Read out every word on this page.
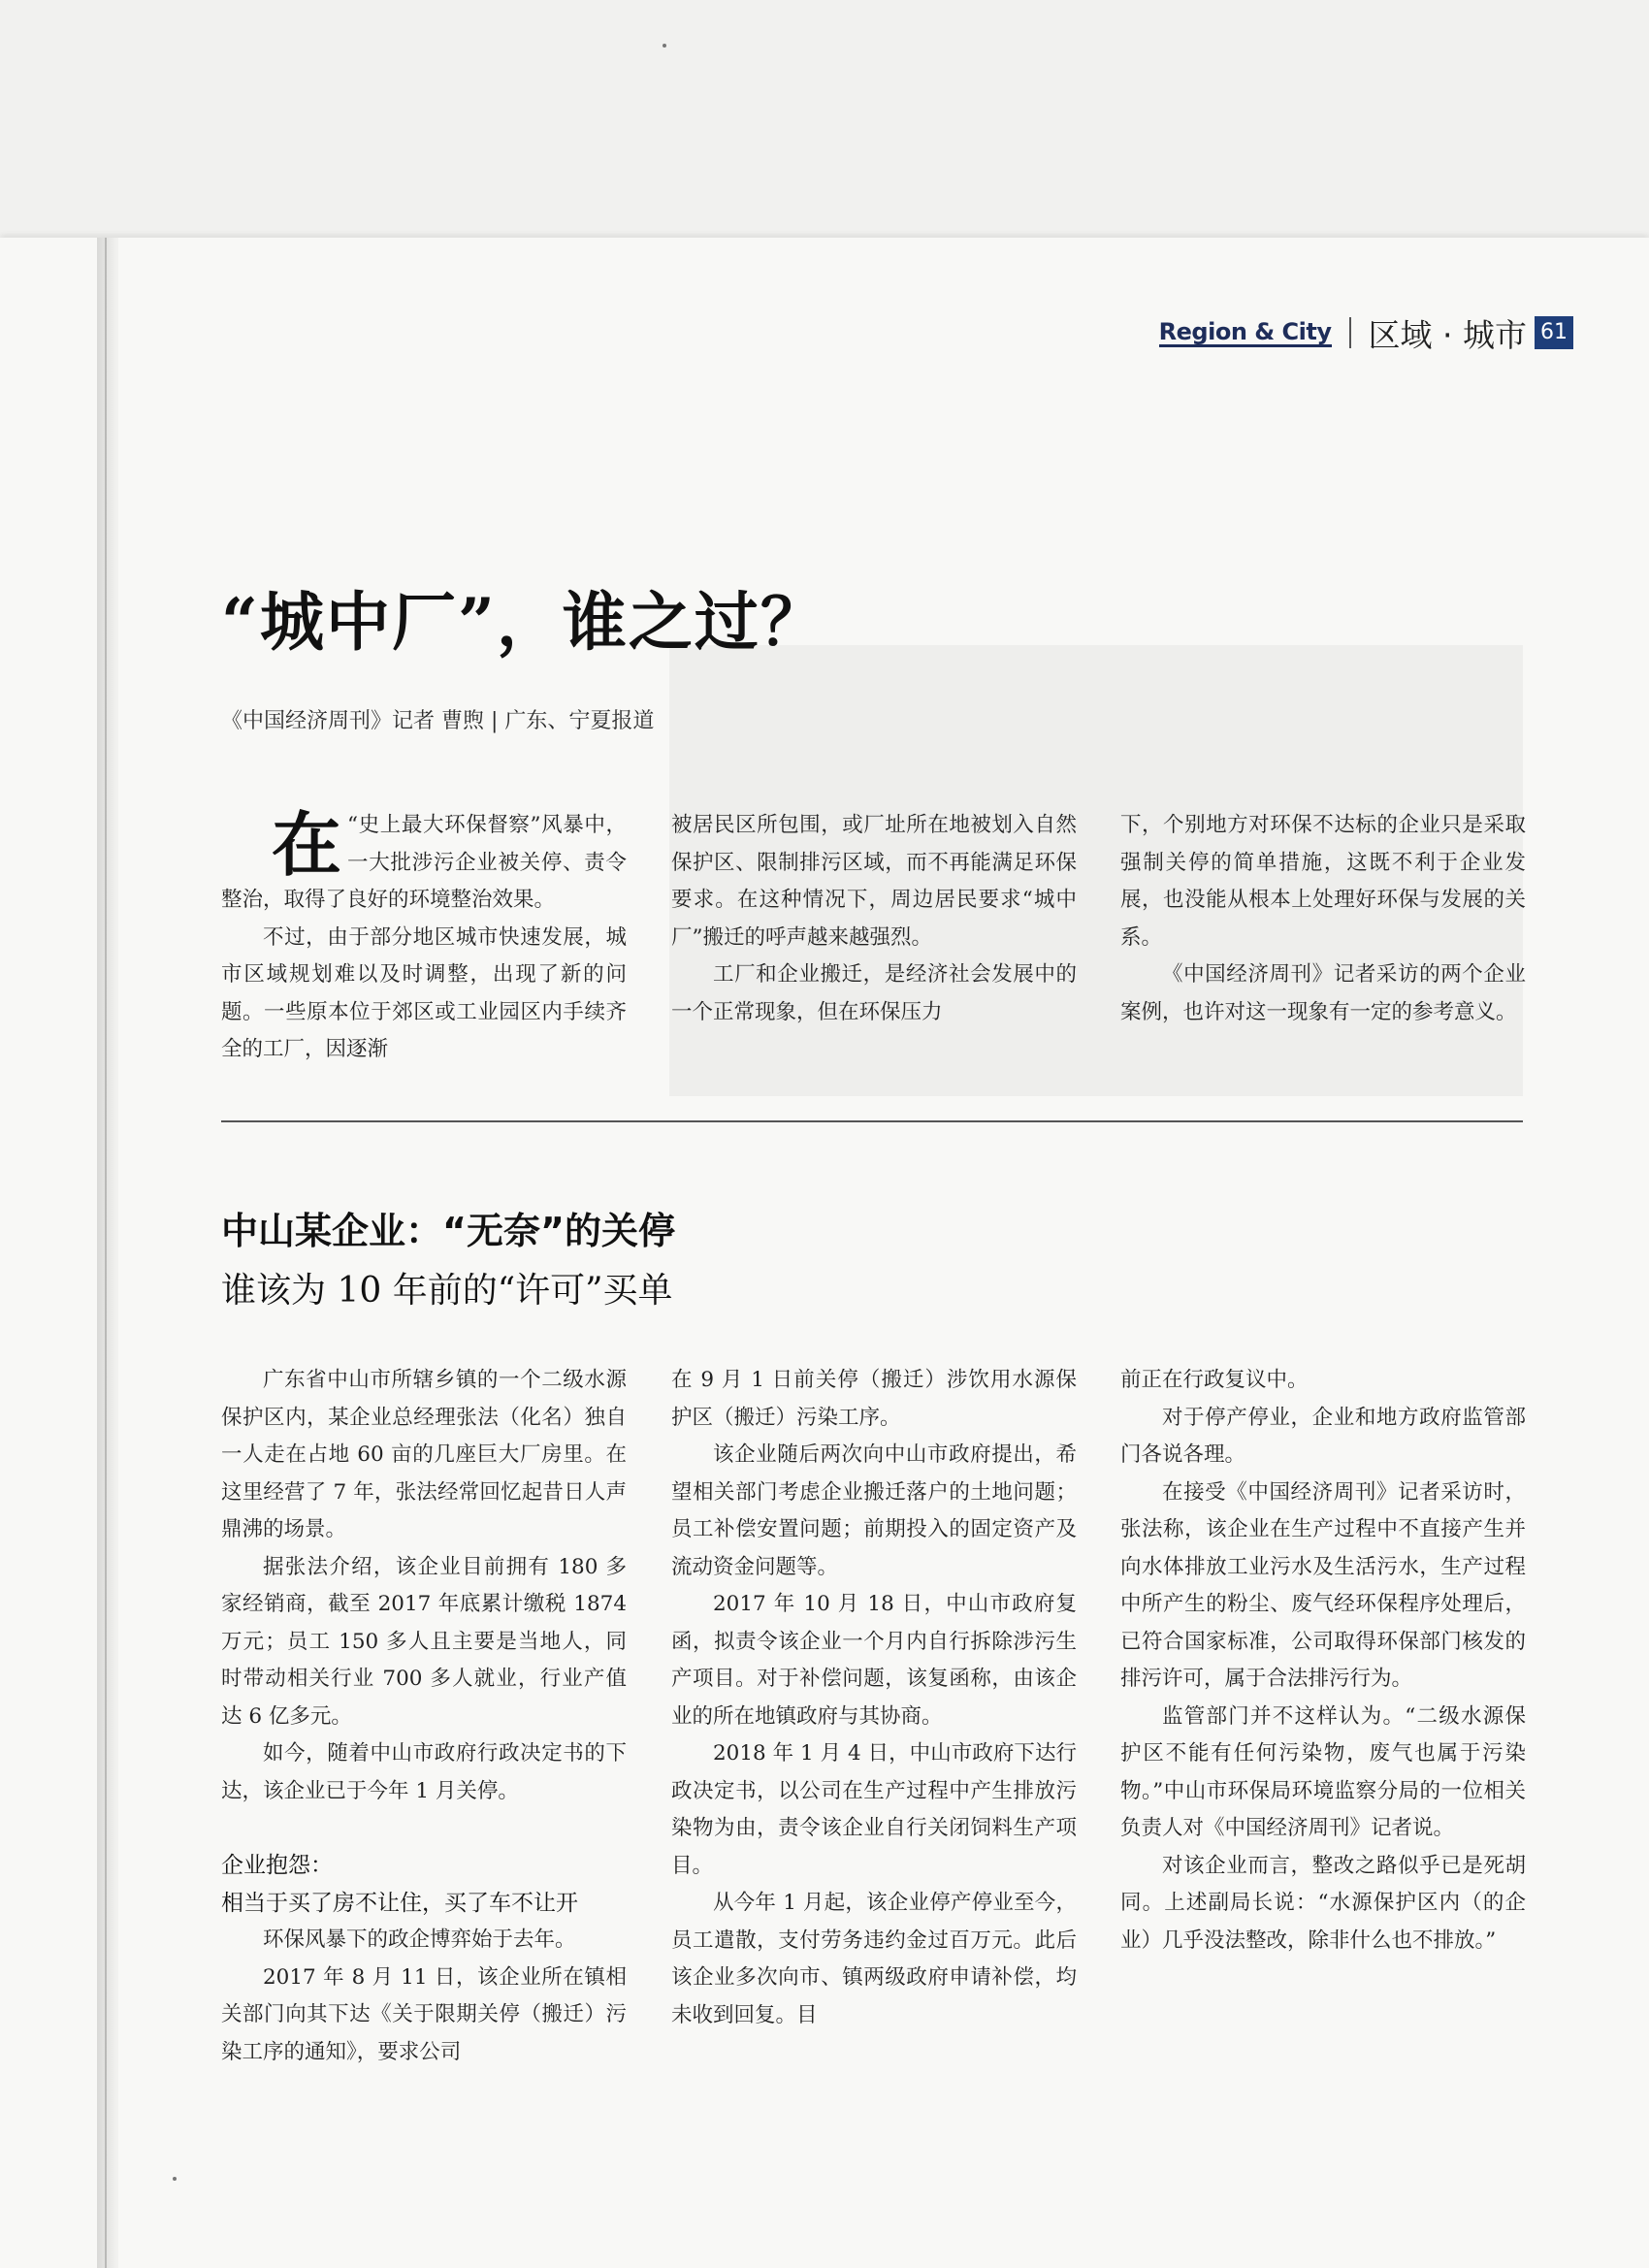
Region & City 区域 · 城市 61
“城中厂”，谁之过？
《中国经济周刊》记者 曹煦 | 广东、宁夏报道

在 “史上最大环保督察”风暴中，一大批涉污企业被关停、责令整治，取得了良好的环境整治效果。

不过，由于部分地区城市快速发展，城市区域规划难以及时调整，出现了新的问题。一些原本位于郊区或工业园区内手续齐全的工厂，因逐渐

被居民区所包围，或厂址所在地被划入自然保护区、限制排污区域，而不再能满足环保要求。在这种情况下，周边居民要求“城中厂”搬迁的呼声越来越强烈。

工厂和企业搬迁，是经济社会发展中的一个正常现象，但在环保压力

下，个别地方对环保不达标的企业只是采取强制关停的简单措施，这既不利于企业发展，也没能从根本上处理好环保与发展的关系。

《中国经济周刊》记者采访的两个企业案例，也许对这一现象有一定的参考意义。

中山某企业：“无奈”的关停
谁该为 10 年前的“许可”买单

广东省中山市所辖乡镇的一个二级水源保护区内，某企业总经理张法（化名）独自一人走在占地 60 亩的几座巨大厂房里。在这里经营了 7 年，张法经常回忆起昔日人声鼎沸的场景。

据张法介绍，该企业目前拥有 180 多家经销商，截至 2017 年底累计缴税 1874 万元；员工 150 多人且主要是当地人，同时带动相关行业 700 多人就业，行业产值达 6 亿多元。

如今，随着中山市政府行政决定书的下达，该企业已于今年 1 月关停。

企业抱怨：

相当于买了房不让住，买了车不让开

环保风暴下的政企博弈始于去年。

2017 年 8 月 11 日，该企业所在镇相关部门向其下达《关于限期关停（搬迁）污染工序的通知》，要求公司

在 9 月 1 日前关停（搬迁）涉饮用水源保护区（搬迁）污染工序。

该企业随后两次向中山市政府提出，希望相关部门考虑企业搬迁落户的土地问题；员工补偿安置问题；前期投入的固定资产及流动资金问题等。

2017 年 10 月 18 日，中山市政府复函，拟责令该企业一个月内自行拆除涉污生产项目。对于补偿问题，该复函称，由该企业的所在地镇政府与其协商。

2018 年 1 月 4 日，中山市政府下达行政决定书，以公司在生产过程中产生排放污染物为由，责令该企业自行关闭饲料生产项目。

从今年 1 月起，该企业停产停业至今，员工遣散，支付劳务违约金过百万元。此后该企业多次向市、镇两级政府申请补偿，均未收到回复。目

前正在行政复议中。

对于停产停业，企业和地方政府监管部门各说各理。

在接受《中国经济周刊》记者采访时，张法称，该企业在生产过程中不直接产生并向水体排放工业污水及生活污水，生产过程中所产生的粉尘、废气经环保程序处理后，已符合国家标准，公司取得环保部门核发的排污许可，属于合法排污行为。

监管部门并不这样认为。“二级水源保护区不能有任何污染物，废气也属于污染物。”中山市环保局环境监察分局的一位相关负责人对《中国经济周刊》记者说。

对该企业而言，整改之路似乎已是死胡同。上述副局长说：“水源保护区内（的企业）几乎没法整改，除非什么也不排放。”
